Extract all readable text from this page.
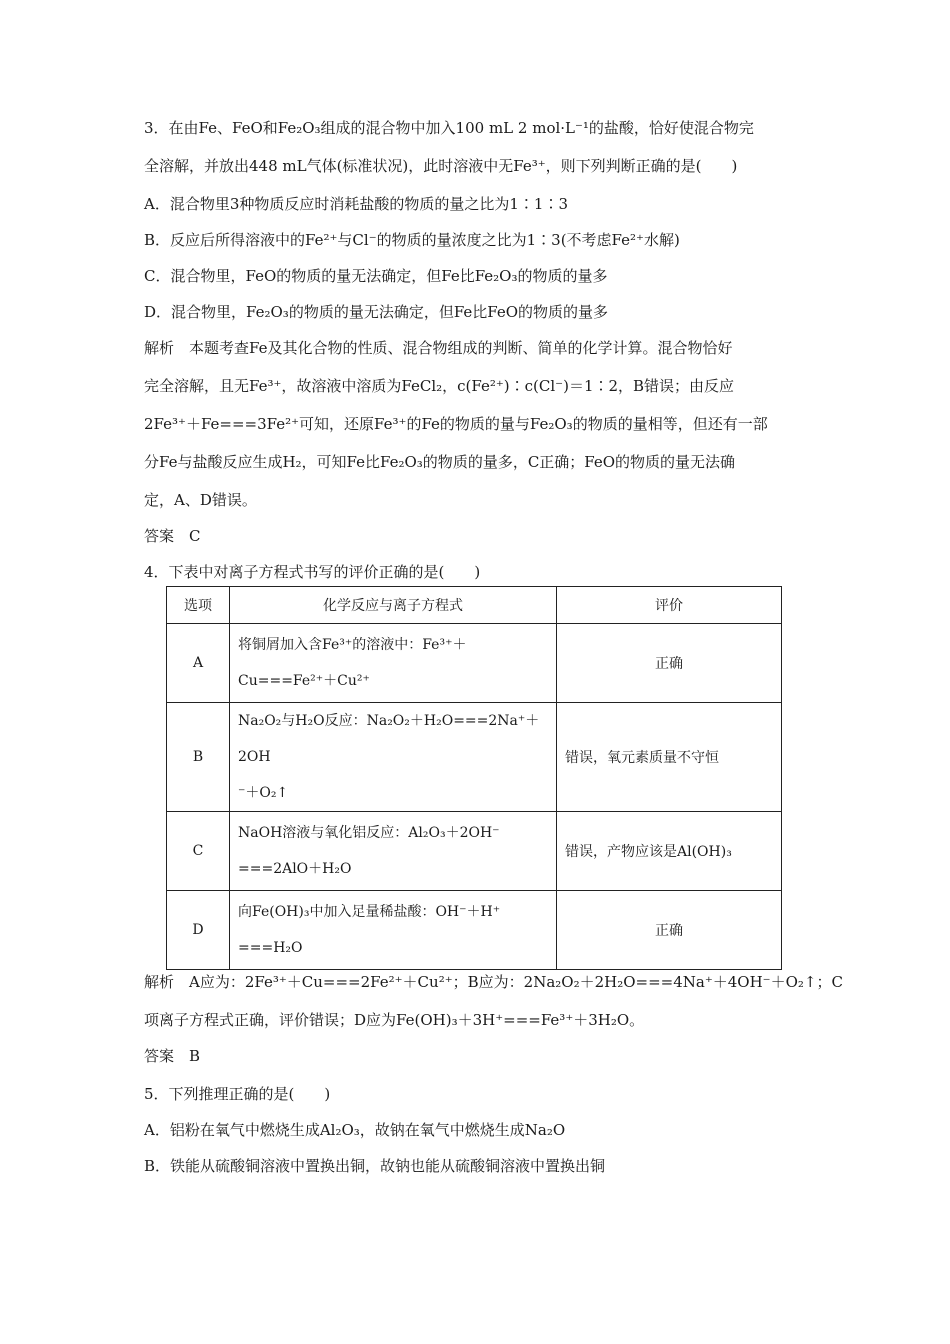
3．在由Fe、FeO和Fe₂O₃组成的混合物中加入100 mL 2 mol·L⁻¹的盐酸，恰好使混合物完

全溶解，并放出448 mL气体(标准状况)，此时溶液中无Fe³⁺，则下列判断正确的是(　　)

A．混合物里3种物质反应时消耗盐酸的物质的量之比为1∶1∶3

B．反应后所得溶液中的Fe²⁺与Cl⁻的物质的量浓度之比为1∶3(不考虑Fe²⁺水解)

C．混合物里，FeO的物质的量无法确定，但Fe比Fe₂O₃的物质的量多

D．混合物里，Fe₂O₃的物质的量无法确定，但Fe比FeO的物质的量多

解析　本题考查Fe及其化合物的性质、混合物组成的判断、简单的化学计算。混合物恰好

完全溶解，且无Fe³⁺，故溶液中溶质为FeCl₂，c(Fe²⁺)∶c(Cl⁻)＝1∶2，B错误；由反应

2Fe³⁺＋Fe===3Fe²⁺可知，还原Fe³⁺的Fe的物质的量与Fe₂O₃的物质的量相等，但还有一部

分Fe与盐酸反应生成H₂，可知Fe比Fe₂O₃的物质的量多，C正确；FeO的物质的量无法确

定，A、D错误。

答案　C

4．下表中对离子方程式书写的评价正确的是(　　)

选项	化学反应与离子方程式	评价
A	将铜屑加入含Fe³⁺的溶液中：Fe³⁺＋
Cu===Fe²⁺＋Cu²⁺	正确
B	Na₂O₂与H₂O反应：Na₂O₂＋H₂O===2Na⁺＋2OH
⁻＋O₂↑	错误，氧元素质量不守恒
C	NaOH溶液与氧化铝反应：Al₂O₃＋2OH⁻
===2AlO＋H₂O	错误，产物应该是Al(OH)₃
D	向Fe(OH)₃中加入足量稀盐酸：OH⁻＋H⁺
===H₂O	正确

解析　A应为：2Fe³⁺＋Cu===2Fe²⁺＋Cu²⁺；B应为：2Na₂O₂＋2H₂O===4Na⁺＋4OH⁻＋O₂↑；C

项离子方程式正确，评价错误；D应为Fe(OH)₃＋3H⁺===Fe³⁺＋3H₂O。

答案　B

5．下列推理正确的是(　　)

A．铝粉在氧气中燃烧生成Al₂O₃，故钠在氧气中燃烧生成Na₂O

B．铁能从硫酸铜溶液中置换出铜，故钠也能从硫酸铜溶液中置换出铜
